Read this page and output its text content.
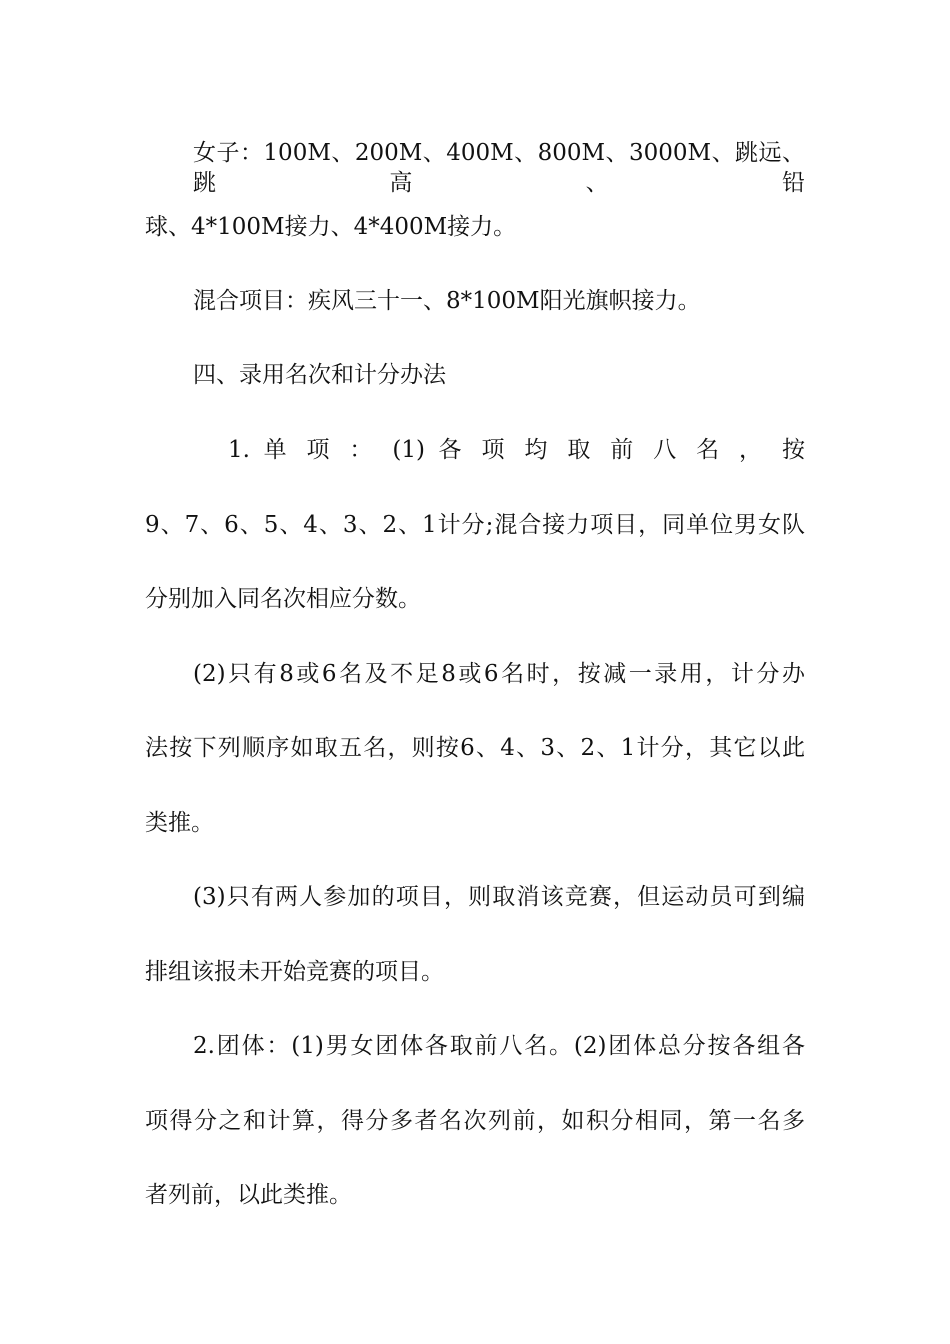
女子：100M、200M、400M、800M、3000M、跳远、跳高、铅
球、4*100M接力、4*400M接力。
混合项目：疾风三十一、8*100M阳光旗帜接力。
四、录用名次和计分办法
1. 单 项 ： (1) 各 项 均 取 前 八 名 ， 按
9、7、6、5、4、3、2、1计分;混合接力项目，同单位男女队
分别加入同名次相应分数。
(2)只有8或6名及不足8或6名时，按减一录用，计分办
法按下列顺序如取五名，则按6、4、3、2、1计分，其它以此
类推。
(3)只有两人参加的项目，则取消该竞赛，但运动员可到编
排组该报未开始竞赛的项目。
2.团体：(1)男女团体各取前八名。(2)团体总分按各组各
项得分之和计算，得分多者名次列前，如积分相同，第一名多
者列前，以此类推。
